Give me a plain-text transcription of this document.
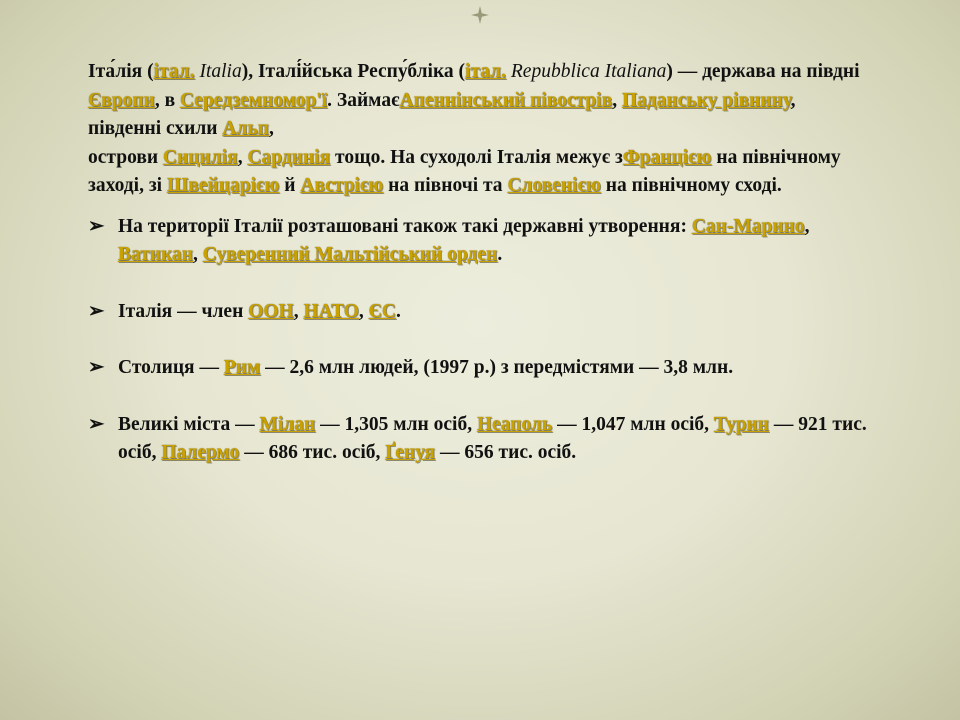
Іта́лія (італ. Italia), Італі́йська Респу́бліка (італ. Repubblica Italiana) — держава на півдні Європи, в Середземномор'ї. ЗаймаєАпеннінський півострів, Паданську рівнину, південні схили Альп,

острови Сицилія, Сардинія тощо. На суходолі Італія межує зФранцією на північному заході, зі Швейцарією й Австрією на півночі та Словенією на північному сході.

➢ На території Італії розташовані також такі державні утворення: Сан-Марино, Ватикан, Суверенний Мальтійський орден.
➢ Італія — член ООН, НАТО, ЄС.
➢ Столиця — Рим — 2,6 млн людей, (1997 р.) з передмістями — 3,8 млн.
➢ Великі міста — Мілан — 1,305 млн осіб, Неаполь — 1,047 млн осіб, Турин — 921 тис. осіб, Палермо — 686 тис. осіб, Ґенуя — 656 тис. осіб.
